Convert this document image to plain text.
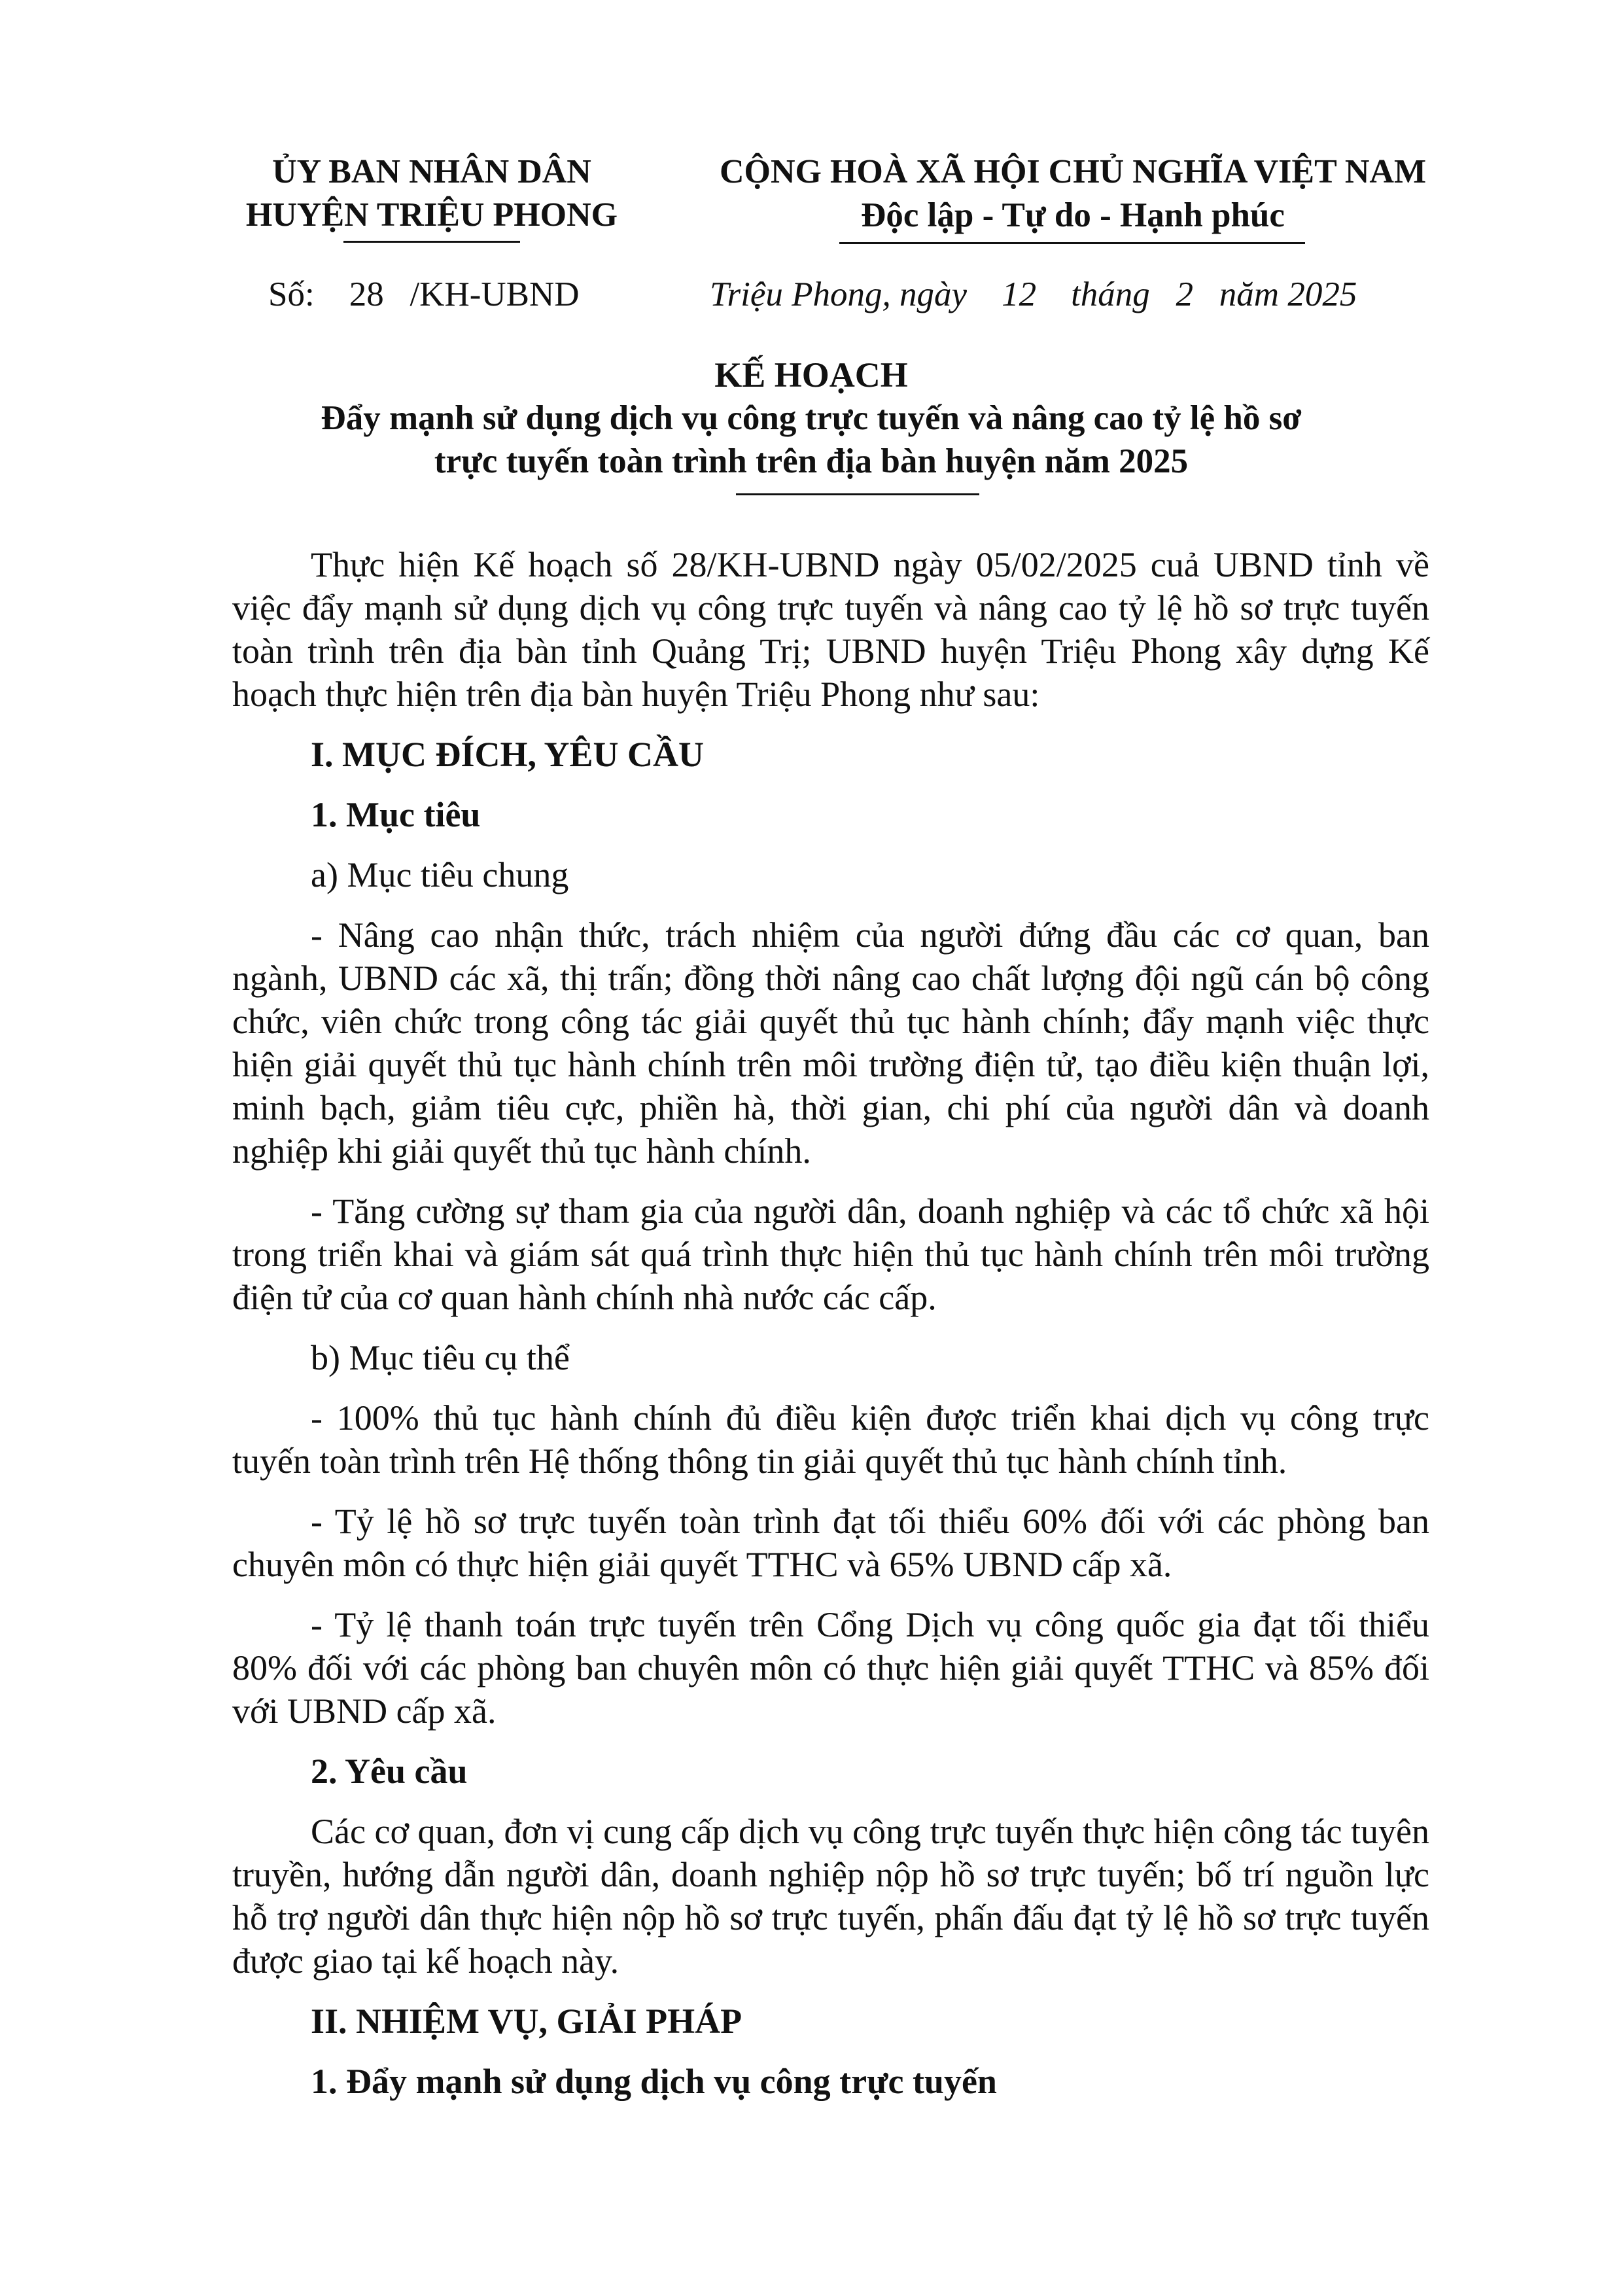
ỦY BAN NHÂN DÂN
HUYỆN TRIỆU PHONG
CỘNG HOÀ XÃ HỘI CHỦ NGHĨA VIỆT NAM
Độc lập - Tự do - Hạnh phúc
Số:    28   /KH-UBND	Triệu Phong, ngày    12    tháng   2   năm 2025
KẾ HOẠCH
Đẩy mạnh sử dụng dịch vụ công trực tuyến và nâng cao tỷ lệ hồ sơ
trực tuyến toàn trình trên địa bàn huyện năm 2025

Thực hiện Kế hoạch số 28/KH-UBND ngày 05/02/2025 cuả UBND tỉnh về việc đẩy mạnh sử dụng dịch vụ công trực tuyến và nâng cao tỷ lệ hồ sơ trực tuyến toàn trình trên địa bàn tỉnh Quảng Trị; UBND huyện Triệu Phong xây dựng Kế hoạch thực hiện trên địa bàn huyện Triệu Phong như sau:

I. MỤC ĐÍCH, YÊU CẦU
1. Mục tiêu
a) Mục tiêu chung

- Nâng cao nhận thức, trách nhiệm của người đứng đầu các cơ quan, ban ngành, UBND các xã, thị trấn; đồng thời nâng cao chất lượng đội ngũ cán bộ công chức, viên chức trong công tác giải quyết thủ tục hành chính; đẩy mạnh việc thực hiện giải quyết thủ tục hành chính trên môi trường điện tử, tạo điều kiện thuận lợi, minh bạch, giảm tiêu cực, phiền hà, thời gian, chi phí của người dân và doanh nghiệp khi giải quyết thủ tục hành chính.

- Tăng cường sự tham gia của người dân, doanh nghiệp và các tổ chức xã hội trong triển khai và giám sát quá trình thực hiện thủ tục hành chính trên môi trường điện tử của cơ quan hành chính nhà nước các cấp.

b) Mục tiêu cụ thể

- 100% thủ tục hành chính đủ điều kiện được triển khai dịch vụ công trực tuyến toàn trình trên Hệ thống thông tin giải quyết thủ tục hành chính tỉnh.

- Tỷ lệ hồ sơ trực tuyến toàn trình đạt tối thiểu 60% đối với các phòng ban chuyên môn có thực hiện giải quyết TTHC và 65% UBND cấp xã.

- Tỷ lệ thanh toán trực tuyến trên Cổng Dịch vụ công quốc gia đạt tối thiểu 80% đối với các phòng ban chuyên môn có thực hiện giải quyết TTHC và 85% đối với UBND cấp xã.

2. Yêu cầu

Các cơ quan, đơn vị cung cấp dịch vụ công trực tuyến thực hiện công tác tuyên truyền, hướng dẫn người dân, doanh nghiệp nộp hồ sơ trực tuyến; bố trí nguồn lực hỗ trợ người dân thực hiện nộp hồ sơ trực tuyến, phấn đấu đạt tỷ lệ hồ sơ trực tuyến được giao tại kế hoạch này.

II. NHIỆM VỤ, GIẢI PHÁP
1. Đẩy mạnh sử dụng dịch vụ công trực tuyến
